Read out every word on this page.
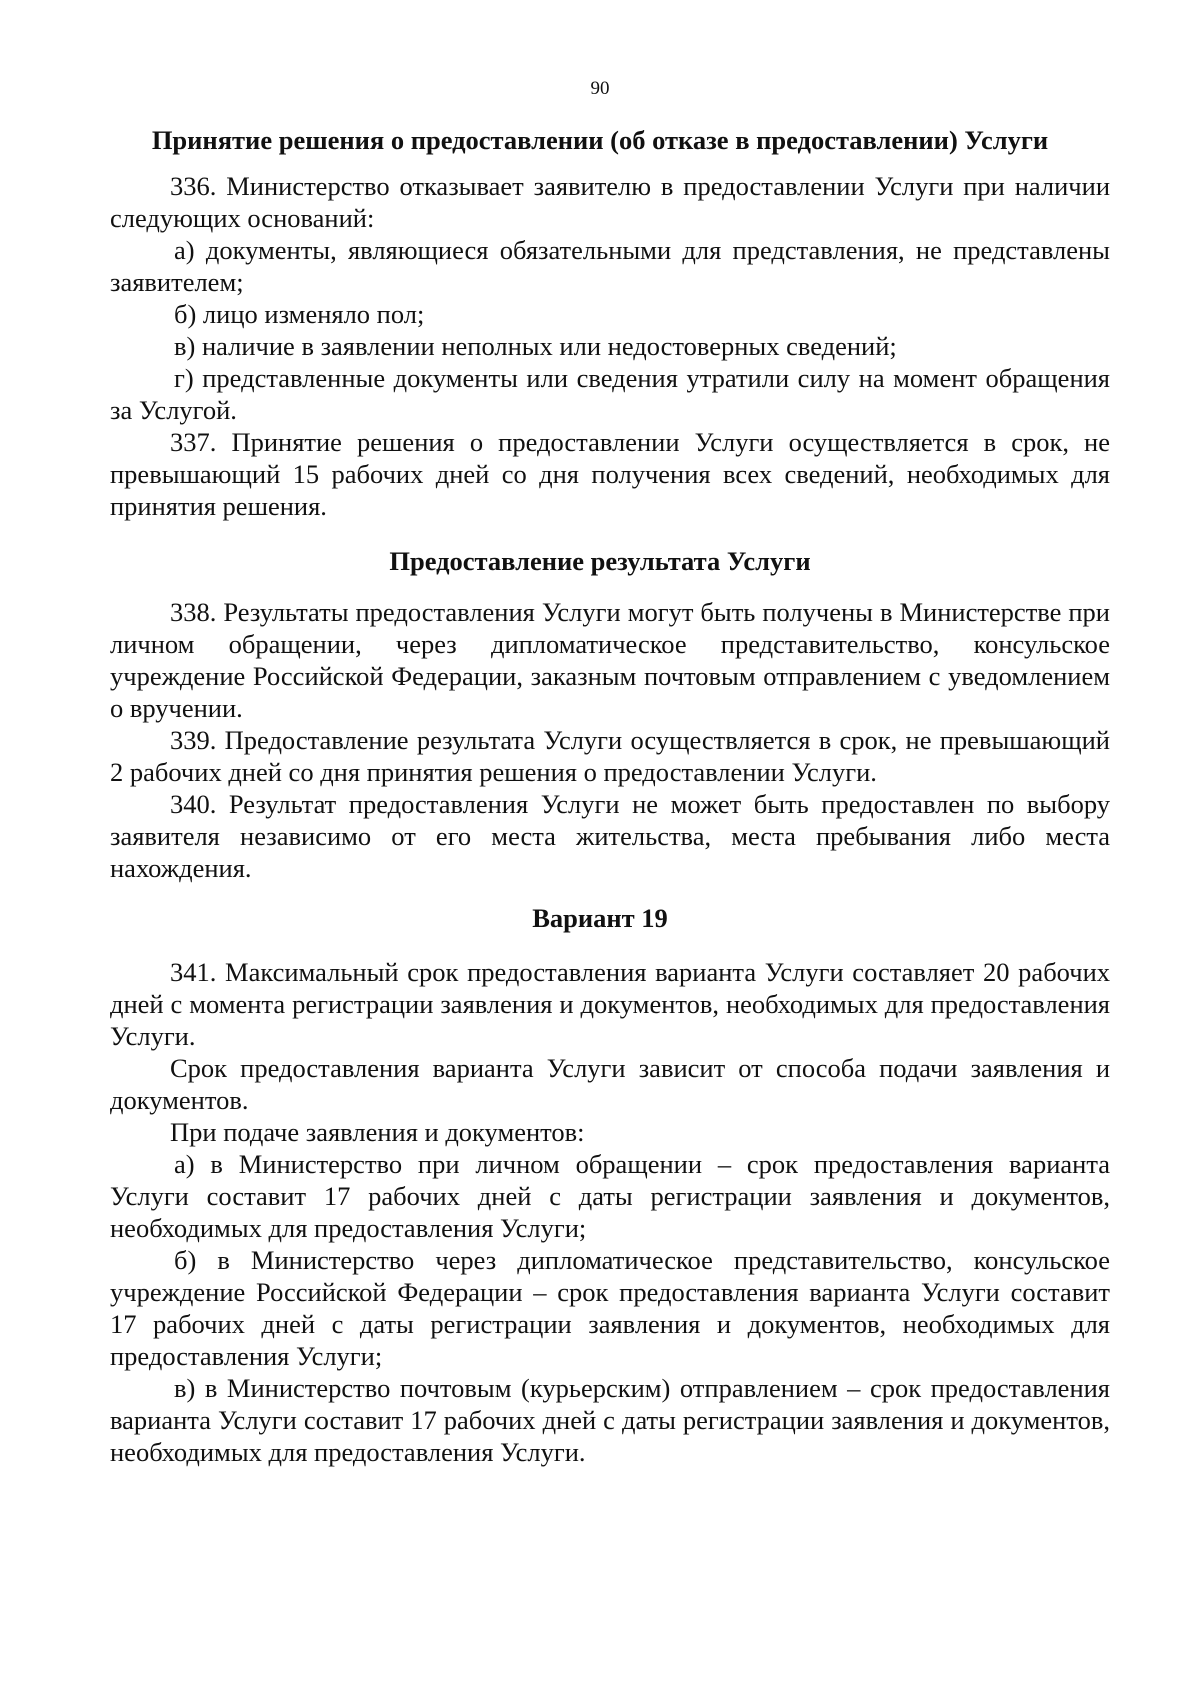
90
Принятие решения о предоставлении (об отказе в предоставлении) Услуги

336. Министерство отказывает заявителю в предоставлении Услуги при наличии следующих оснований:

а) документы, являющиеся обязательными для представления, не представлены заявителем;

б) лицо изменяло пол;

в) наличие в заявлении неполных или недостоверных сведений;

г) представленные документы или сведения утратили силу на момент обращения за Услугой.

337. Принятие решения о предоставлении Услуги осуществляется в срок, не превышающий 15 рабочих дней со дня получения всех сведений, необходимых для принятия решения.

Предоставление результата Услуги

338. Результаты предоставления Услуги могут быть получены в Министерстве при личном обращении, через дипломатическое представительство, консульское учреждение Российской Федерации, заказным почтовым отправлением с уведомлением о вручении.

339. Предоставление результата Услуги осуществляется в срок, не превышающий 2 рабочих дней со дня принятия решения о предоставлении Услуги.

340. Результат предоставления Услуги не может быть предоставлен по выбору заявителя независимо от его места жительства, места пребывания либо места нахождения.

Вариант 19

341. Максимальный срок предоставления варианта Услуги составляет 20 рабочих дней с момента регистрации заявления и документов, необходимых для предоставления Услуги.

Срок предоставления варианта Услуги зависит от способа подачи заявления и документов.

При подаче заявления и документов:

а) в Министерство при личном обращении – срок предоставления варианта Услуги составит 17 рабочих дней с даты регистрации заявления и документов, необходимых для предоставления Услуги;

б) в Министерство через дипломатическое представительство, консульское учреждение Российской Федерации – срок предоставления варианта Услуги составит 17 рабочих дней с даты регистрации заявления и документов, необходимых для предоставления Услуги;

в) в Министерство почтовым (курьерским) отправлением – срок предоставления варианта Услуги составит 17 рабочих дней с даты регистрации заявления и документов, необходимых для предоставления Услуги.
